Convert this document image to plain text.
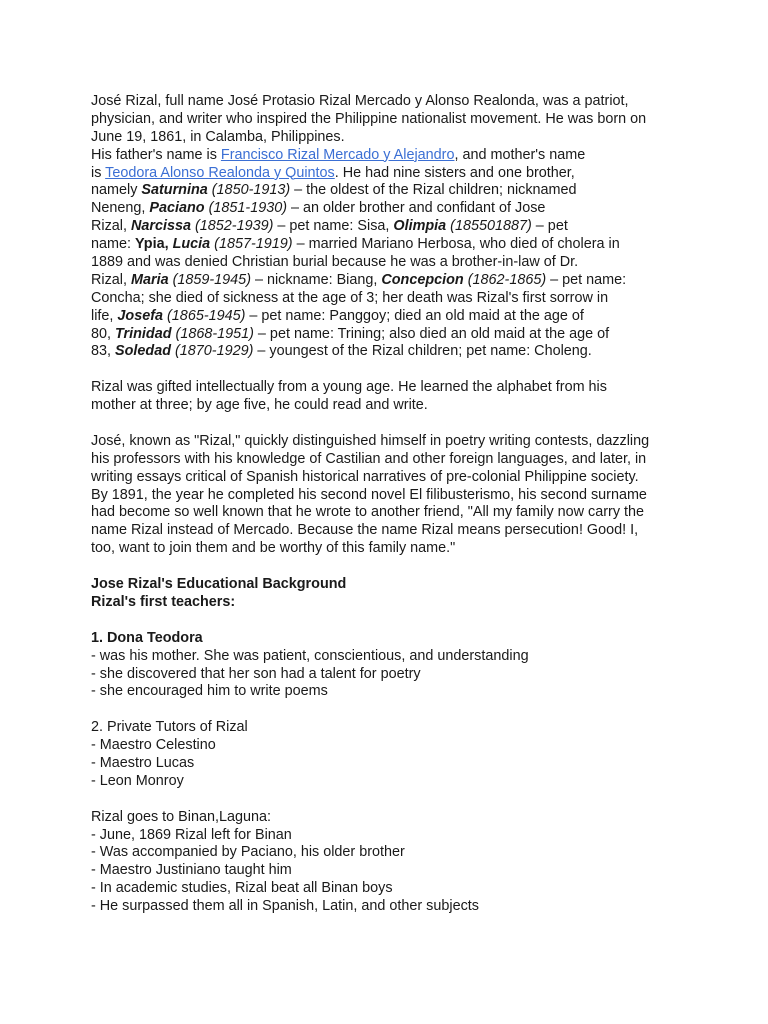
José Rizal, full name José Protasio Rizal Mercado y Alonso Realonda, was a patriot,
physician, and writer who inspired the Philippine nationalist movement. He was born on
June 19, 1861, in Calamba, Philippines.
His father's name is Francisco Rizal Mercado y Alejandro, and mother's name
is Teodora Alonso Realonda y Quintos. He had nine sisters and one brother,
namely Saturnina (1850-1913) – the oldest of the Rizal children; nicknamed
Neneng, Paciano (1851-1930) – an older brother and confidant of Jose
Rizal, Narcissa (1852-1939) – pet name: Sisa, Olimpia (185501887) – pet
name: Ypia, Lucia (1857-1919) – married Mariano Herbosa, who died of cholera in
1889 and was denied Christian burial because he was a brother-in-law of Dr.
Rizal, Maria (1859-1945) – nickname: Biang, Concepcion (1862-1865) – pet name:
Concha; she died of sickness at the age of 3; her death was Rizal's first sorrow in
life, Josefa (1865-1945) – pet name: Panggoy; died an old maid at the age of
80, Trinidad (1868-1951) – pet name: Trining; also died an old maid at the age of
83, Soledad (1870-1929) – youngest of the Rizal children; pet name: Choleng.
Rizal was gifted intellectually from a young age. He learned the alphabet from his
mother at three; by age five, he could read and write.
José, known as "Rizal," quickly distinguished himself in poetry writing contests, dazzling
his professors with his knowledge of Castilian and other foreign languages, and later, in
writing essays critical of Spanish historical narratives of pre-colonial Philippine society.
By 1891, the year he completed his second novel El filibusterismo, his second surname
had become so well known that he wrote to another friend, "All my family now carry the
name Rizal instead of Mercado. Because the name Rizal means persecution! Good! I,
too, want to join them and be worthy of this family name."
Jose Rizal's Educational Background
Rizal's first teachers:
1. Dona Teodora
- was his mother. She was patient, conscientious, and understanding
- she discovered that her son had a talent for poetry
- she encouraged him to write poems
2. Private Tutors of Rizal
- Maestro Celestino
- Maestro Lucas
- Leon Monroy
Rizal goes to Binan,Laguna:
- June, 1869 Rizal left for Binan
- Was accompanied by Paciano, his older brother
- Maestro Justiniano taught him
- In academic studies, Rizal beat all Binan boys
- He surpassed them all in Spanish, Latin, and other subjects
